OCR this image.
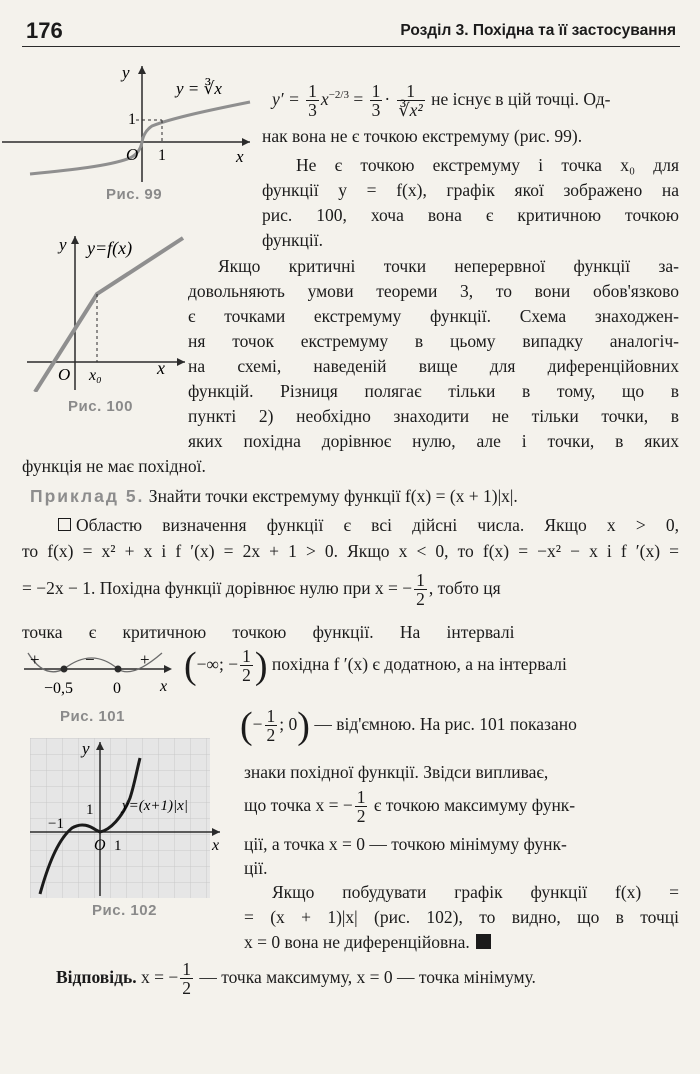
176	Розділ 3. Похідна та її застосування
y
x
O 1
1
y = ∛x
Рис. 99
y y=f(x)
O x₀	x
Рис. 100
$y' = \frac{1}{3} x^{-2/3} = \frac{1}{3} \cdot \frac{1}{\text{∛x²}}$ не існує в цій точці. Од-
нак вона не є точкою екстремуму (рис. 99).
Не є точкою екстремуму і точка x₀ для
функції y = f(x), графік якої зображено на
рис. 100, хоча вона є критичною точкою
функції.
Якщо критичні точки неперервної функції за-
довольняють умови теореми 3, то вони обов'язково
є точками екстремуму функції. Схема знаходжен-
ня точок екстремуму в цьому випадку аналогіч-
на схемі, наведеній вище для диференційовних
функцій. Різниця полягає тільки в тому, що в
пункті 2) необхідно знаходити не тільки точки, в
яких похідна дорівнює нулю, але і точки, в яких
функція не має похідної.
Приклад 5. Знайти точки екстремуму функції f(x) = (x + 1)|x|.
Областю визначення функції є всі дійсні числа. Якщо x > 0,
то f(x) = x² + x і f ′(x) = 2x + 1 > 0. Якщо x < 0, то f(x) = −x² − x і f ′(x) =
= −2x − 1. Похідна функції дорівнює нулю при x = − $\frac{1}{2}$ , тобто ця
точка      є      критичною      точкою      функції.      На      інтервалі
+	−	+
−0,5 0 x
Рис. 101
(−∞; − $\frac{1}{2}$ ) похідна f ′(x) є додатною, а на інтервалі
(− $\frac{1}{2}$ ; 0) — від'ємною. На рис. 101 показано
y
1
−1
O 1	x
y=(x+1)|x|
Рис. 102
знаки похідної функції. Звідси випливає,
що точка x = − $\frac{1}{2}$ є точкою максимуму функ-
ції, а точка x = 0 — точкою мінімуму функ-
ції.
Якщо побудувати графік функції f(x) =
= (x + 1)|x| (рис. 102), то видно, що в точці
x = 0 вона не диференційовна.
Відповідь. x = − $\frac{1}{2}$ — точка максимуму, x = 0 — точка мінімуму.
